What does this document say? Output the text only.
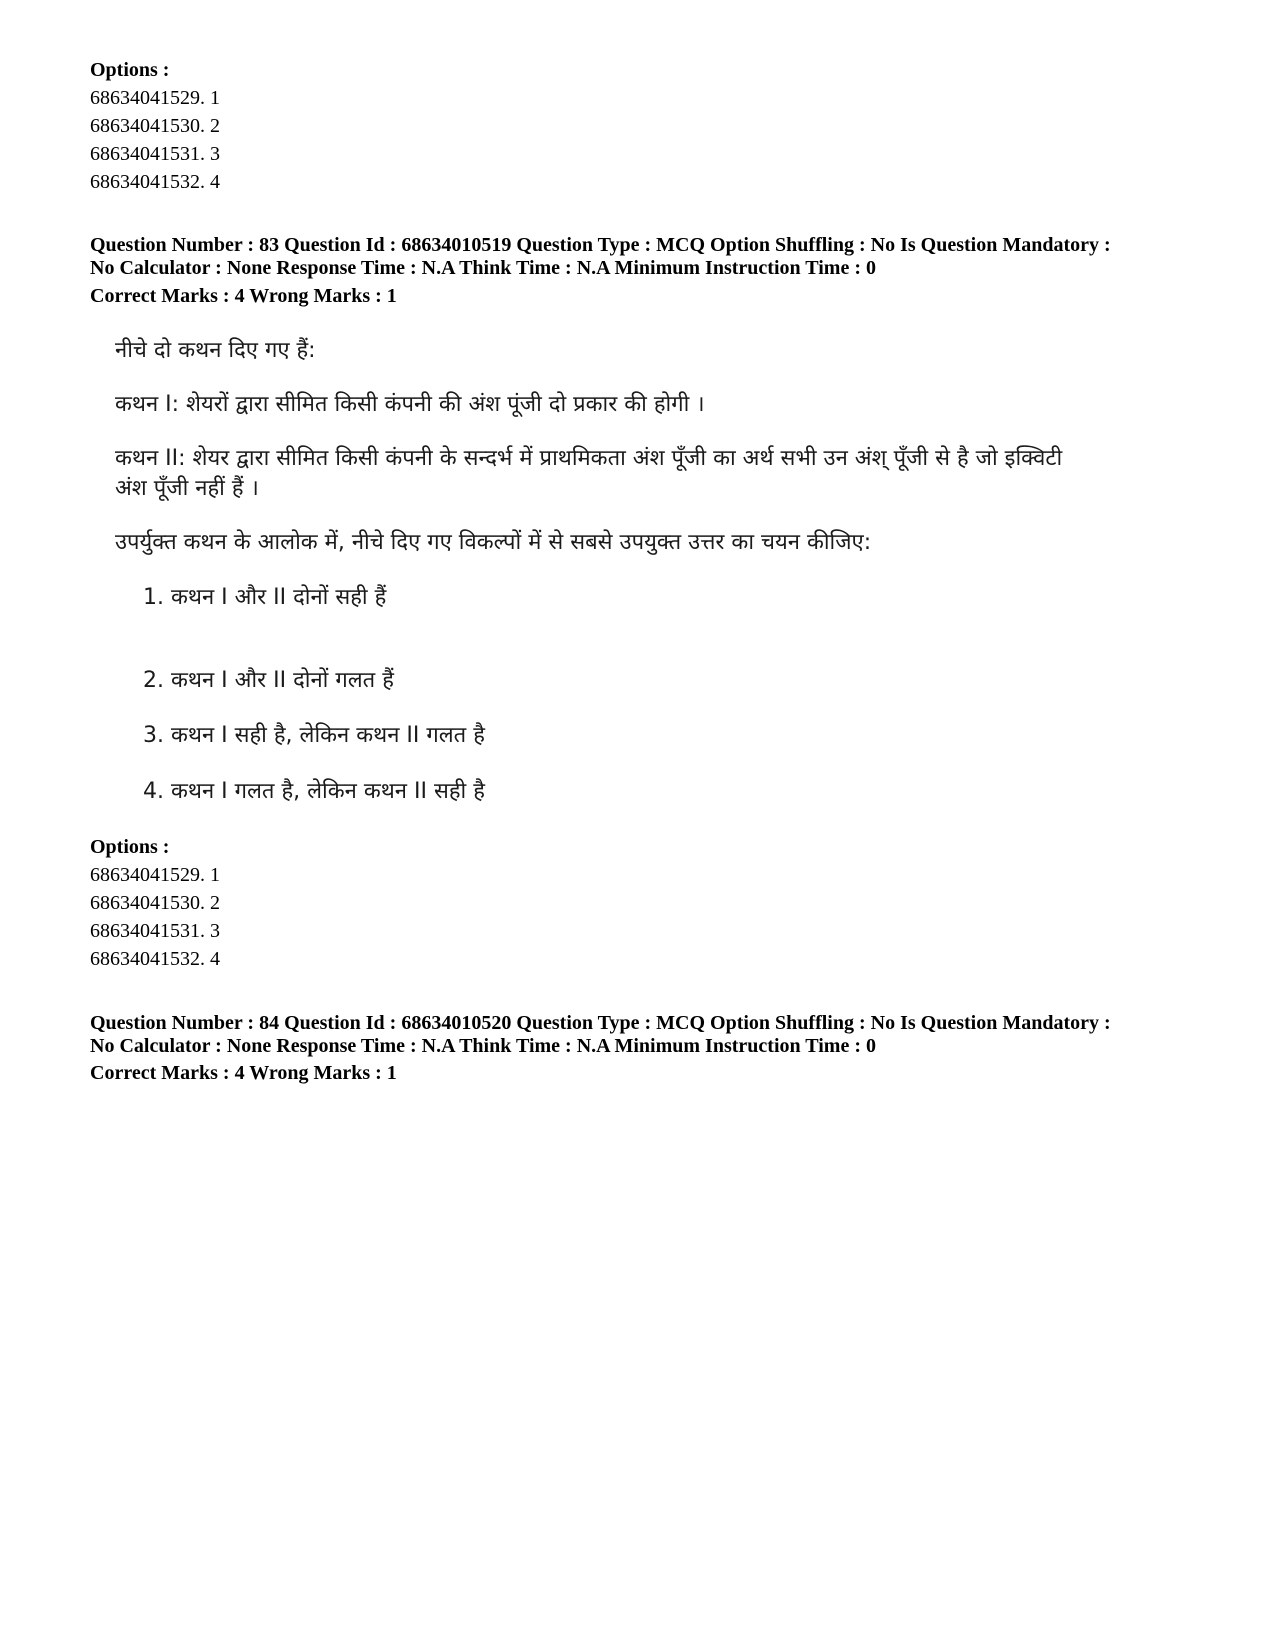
Options :
68634041529. 1
68634041530. 2
68634041531. 3
68634041532. 4
Question Number : 83 Question Id : 68634010519 Question Type : MCQ Option Shuffling : No Is Question Mandatory :
No Calculator : None Response Time : N.A Think Time : N.A Minimum Instruction Time : 0
Correct Marks : 4 Wrong Marks : 1
नीचे दो कथन दिए गए हैं:
कथन I: शेयरों द्वारा सीमित किसी कंपनी की अंश पूंजी दो प्रकार की होगी ।
कथन II: शेयर द्वारा सीमित किसी कंपनी के सन्दर्भ में प्राथमिकता अंश पूँजी का अर्थ सभी उन अंश् पूँजी से है जो इक्विटी
अंश पूँजी नहीं हैं ।
उपर्युक्त कथन के आलोक में, नीचे दिए गए विकल्पों में से सबसे उपयुक्त उत्तर का चयन कीजिए:
1. कथन I और II दोनों सही हैं
2. कथन I और II दोनों गलत हैं
3. कथन I सही है, लेकिन कथन II गलत है
4. कथन I गलत है, लेकिन कथन II सही है
Options :
68634041529. 1
68634041530. 2
68634041531. 3
68634041532. 4
Question Number : 84 Question Id : 68634010520 Question Type : MCQ Option Shuffling : No Is Question Mandatory :
No Calculator : None Response Time : N.A Think Time : N.A Minimum Instruction Time : 0
Correct Marks : 4 Wrong Marks : 1
